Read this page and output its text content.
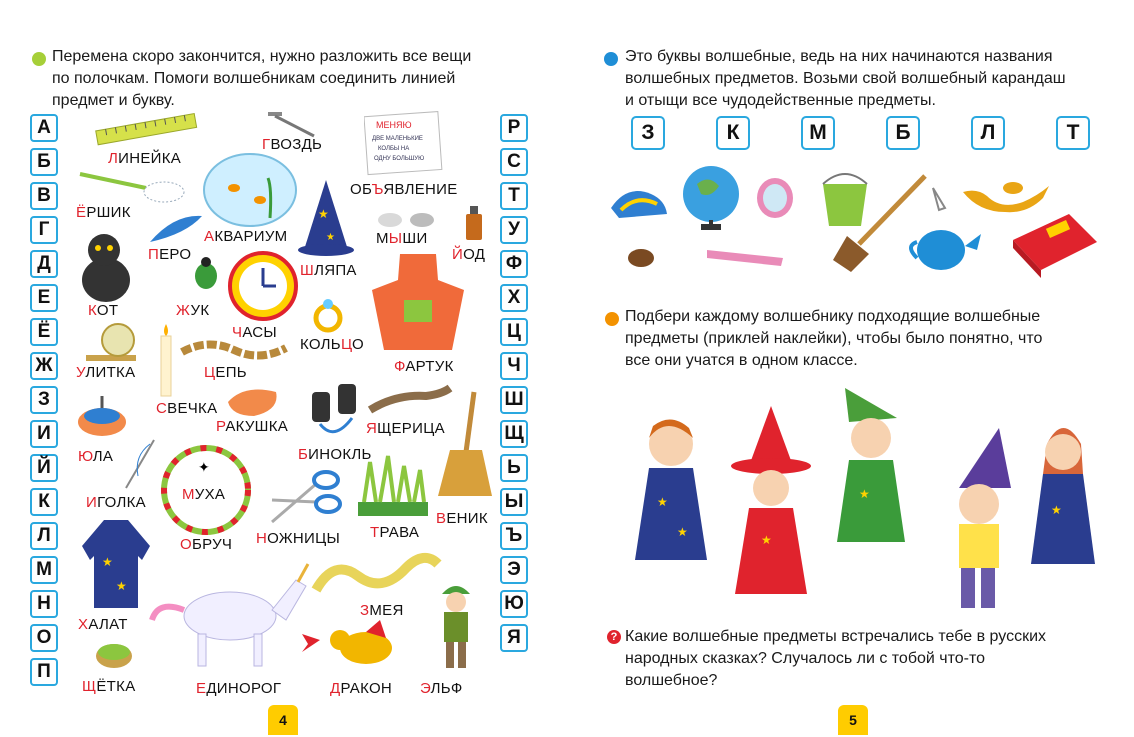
Перемена скоро закончится, нужно разложить все вещи
по полочкам. Помоги волшебникам соединить линией
предмет и букву.
А
Б
В
Г
Д
Е
Ё
Ж
З
И
Й
К
Л
М
Н
О
П
Р
С
Т
У
Ф
Х
Ц
Ч
Ш
Щ
Ь
Ы
Ъ
Э
Ю
Я
ЛИНЕЙКА
ГВОЗДЬ
МЕНЯЮ
ДВЕ МАЛЕНЬКИЕ
КОЛБЫ НА
ОДНУ БОЛЬШУЮ
ОБЪЯВЛЕНИЕ
АКВАРИУМ
ЁРШИК
ПЕРО
★
★
ШЛЯПА
МЫШИ
ЙОД
КОТ	ЖУК
ЧАСЫ
КОЛЬЦО
ФАРТУК
УЛИТКА
СВЕЧКА
ЦЕПЬ
РАКУШКА
БИНОКЛЬ
ЯЩЕРИЦА
ВЕНИК
ЮЛА
ИГОЛКА
✦
МУХА
ОБРУЧ НОЖНИЦЫ ТРАВА
★
★
ХАЛАТ
ЕДИНОРОГ
ЗМЕЯ
ДРАКОН ЭЛЬФ
ЩЁТКА
4
Это буквы волшебные, ведь на них начинаются названия
волшебных предметов. Возьми свой волшебный карандаш
и отыщи все чудодейственные предметы.
З	К	М	Б	Л	Т
Подбери каждому волшебнику подходящие волшебные
предметы (приклей наклейки), чтобы было понятно, что
все они учатся в одном классе.
★
★
★
★
★
? Какие волшебные предметы встречались тебе в русских
народных сказках? Случалось ли с тобой что-то
волшебное?
5
